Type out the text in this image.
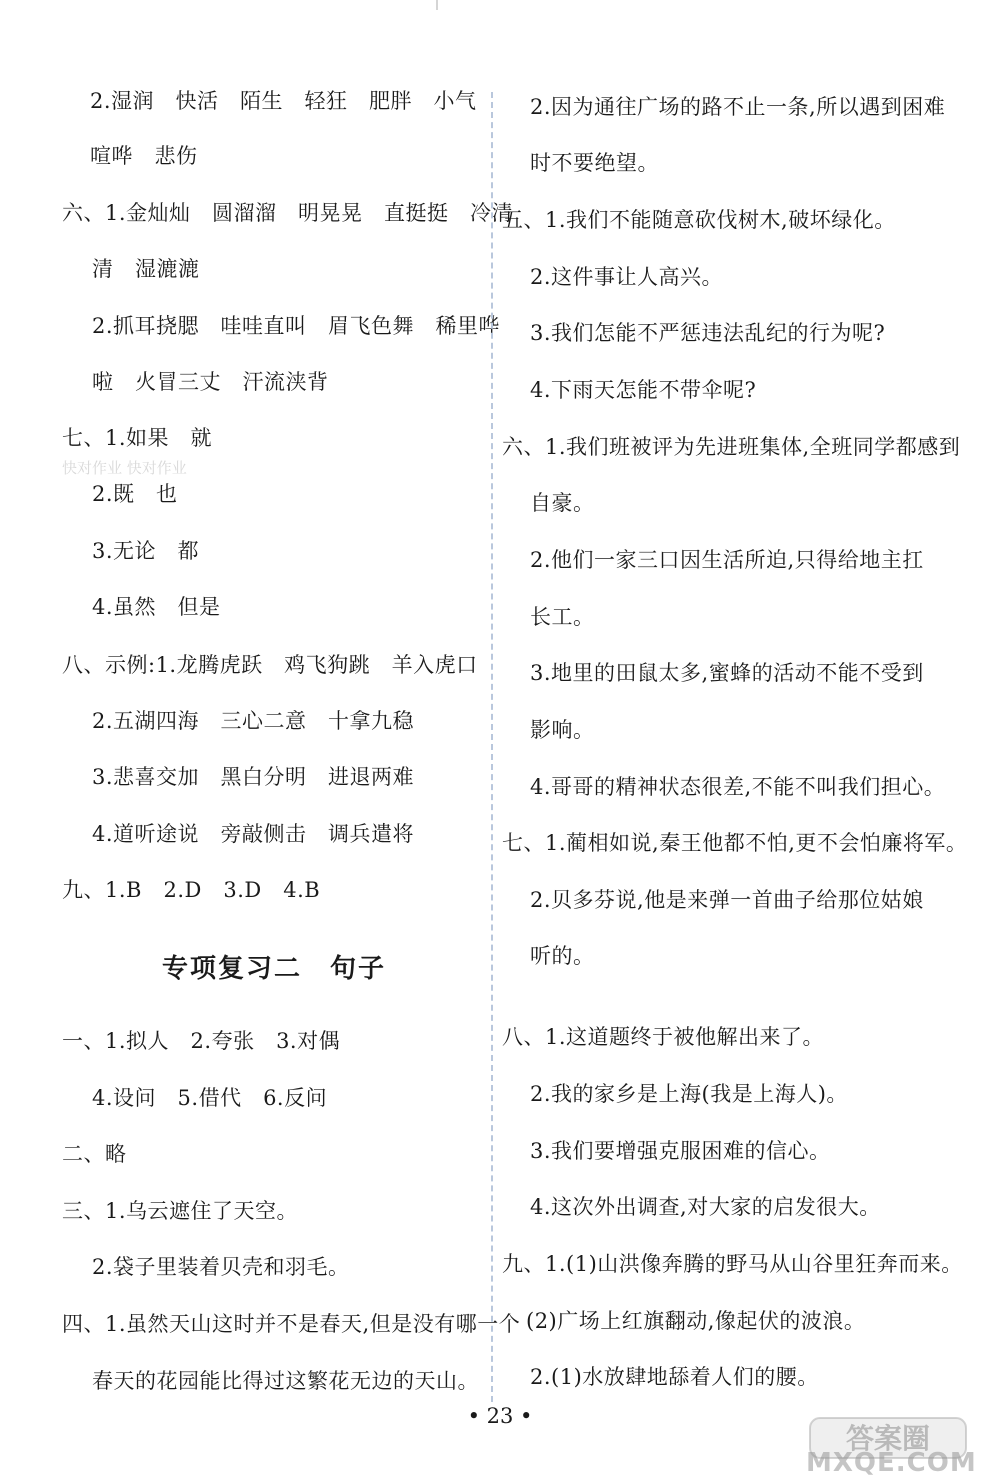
2.湿润　快活　陌生　轻狂　肥胖　小气
喧哗　悲伤
六、1.金灿灿　圆溜溜　明晃晃　直挺挺　冷清
清　湿漉漉
2.抓耳挠腮　哇哇直叫　眉飞色舞　稀里哗
啦　火冒三丈　汗流浃背
七、1.如果　就
2.既　也
3.无论　都
4.虽然　但是
八、示例:1.龙腾虎跃　鸡飞狗跳　羊入虎口
2.五湖四海　三心二意　十拿九稳
3.悲喜交加　黑白分明　进退两难
4.道听途说　旁敲侧击　调兵遣将
九、1.B　2.D　3.D　4.B
专项复习二　句子
一、1.拟人　2.夸张　3.对偶
4.设问　5.借代　6.反问
二、略
三、1.乌云遮住了天空。
2.袋子里装着贝壳和羽毛。
四、1.虽然天山这时并不是春天,但是没有哪一个
春天的花园能比得过这繁花无边的天山。
快对作业 快对作业
2.因为通往广场的路不止一条,所以遇到困难
时不要绝望。
五、1.我们不能随意砍伐树木,破坏绿化。
2.这件事让人高兴。
3.我们怎能不严惩违法乱纪的行为呢?
4.下雨天怎能不带伞呢?
六、1.我们班被评为先进班集体,全班同学都感到
自豪。
2.他们一家三口因生活所迫,只得给地主扛
长工。
3.地里的田鼠太多,蜜蜂的活动不能不受到
影响。
4.哥哥的精神状态很差,不能不叫我们担心。
七、1.蔺相如说,秦王他都不怕,更不会怕廉将军。
2.贝多芬说,他是来弹一首曲子给那位姑娘
听的。
八、1.这道题终于被他解出来了。
2.我的家乡是上海(我是上海人)。
3.我们要增强克服困难的信心。
4.这次外出调查,对大家的启发很大。
九、1.(1)山洪像奔腾的野马从山谷里狂奔而来。
(2)广场上红旗翻动,像起伏的波浪。
2.(1)水放肆地舔着人们的腰。
• 23 •
答案圈
MXQE.COM
